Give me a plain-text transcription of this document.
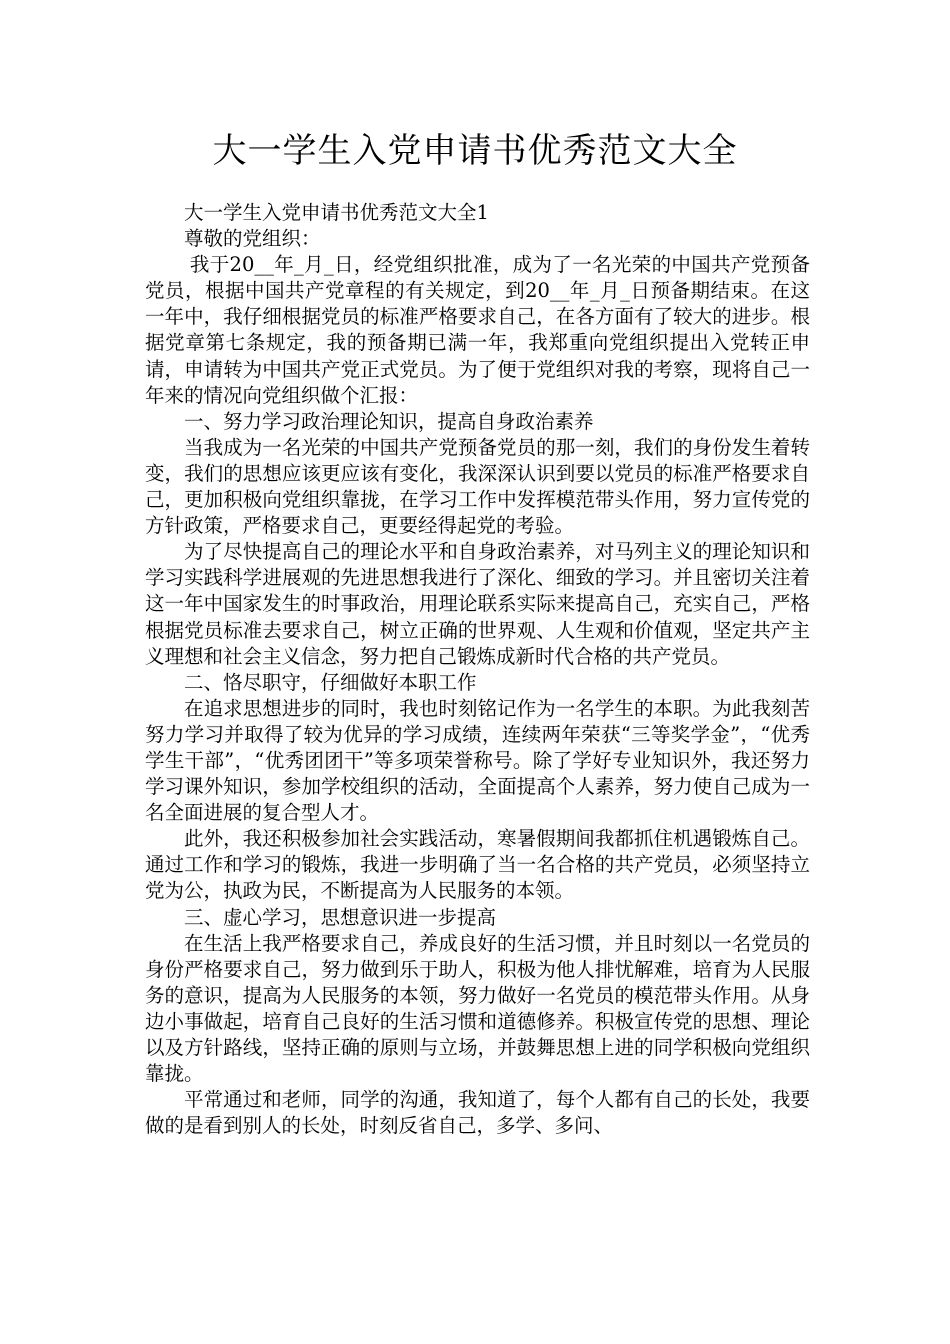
大一学生入党申请书优秀范文大全

大一学生入党申请书优秀范文大全1

尊敬的党组织：

我于20__年_月_日，经党组织批准，成为了一名光荣的中国共产党预备党员，根据中国共产党章程的有关规定，到20__年_月_日预备期结束。在这一年中，我仔细根据党员的标准严格要求自己，在各方面有了较大的进步。根据党章第七条规定，我的预备期已满一年，我郑重向党组织提出入党转正申请，申请转为中国共产党正式党员。为了便于党组织对我的考察，现将自己一年来的情况向党组织做个汇报：

一、努力学习政治理论知识，提高自身政治素养

当我成为一名光荣的中国共产党预备党员的那一刻，我们的身份发生着转变，我们的思想应该更应该有变化，我深深认识到要以党员的标准严格要求自己，更加积极向党组织靠拢，在学习工作中发挥模范带头作用，努力宣传党的方针政策，严格要求自己，更要经得起党的考验。

为了尽快提高自己的理论水平和自身政治素养，对马列主义的理论知识和学习实践科学进展观的先进思想我进行了深化、细致的学习。并且密切关注着这一年中国家发生的时事政治，用理论联系实际来提高自己，充实自己，严格根据党员标准去要求自己，树立正确的世界观、人生观和价值观，坚定共产主义理想和社会主义信念，努力把自己锻炼成新时代合格的共产党员。

二、恪尽职守，仔细做好本职工作

在追求思想进步的同时，我也时刻铭记作为一名学生的本职。为此我刻苦努力学习并取得了较为优异的学习成绩，连续两年荣获“三等奖学金”，“优秀学生干部”，“优秀团团干”等多项荣誉称号。除了学好专业知识外，我还努力学习课外知识，参加学校组织的活动，全面提高个人素养，努力使自己成为一名全面进展的复合型人才。

此外，我还积极参加社会实践活动，寒暑假期间我都抓住机遇锻炼自己。通过工作和学习的锻炼，我进一步明确了当一名合格的共产党员，必须坚持立党为公，执政为民，不断提高为人民服务的本领。

三、虚心学习，思想意识进一步提高

在生活上我严格要求自己，养成良好的生活习惯，并且时刻以一名党员的身份严格要求自己，努力做到乐于助人，积极为他人排忧解难，培育为人民服务的意识，提高为人民服务的本领，努力做好一名党员的模范带头作用。从身边小事做起，培育自己良好的生活习惯和道德修养。积极宣传党的思想、理论以及方针路线，坚持正确的原则与立场，并鼓舞思想上进的同学积极向党组织靠拢。

平常通过和老师，同学的沟通，我知道了，每个人都有自己的长处，我要做的是看到别人的长处，时刻反省自己，多学、多问、
